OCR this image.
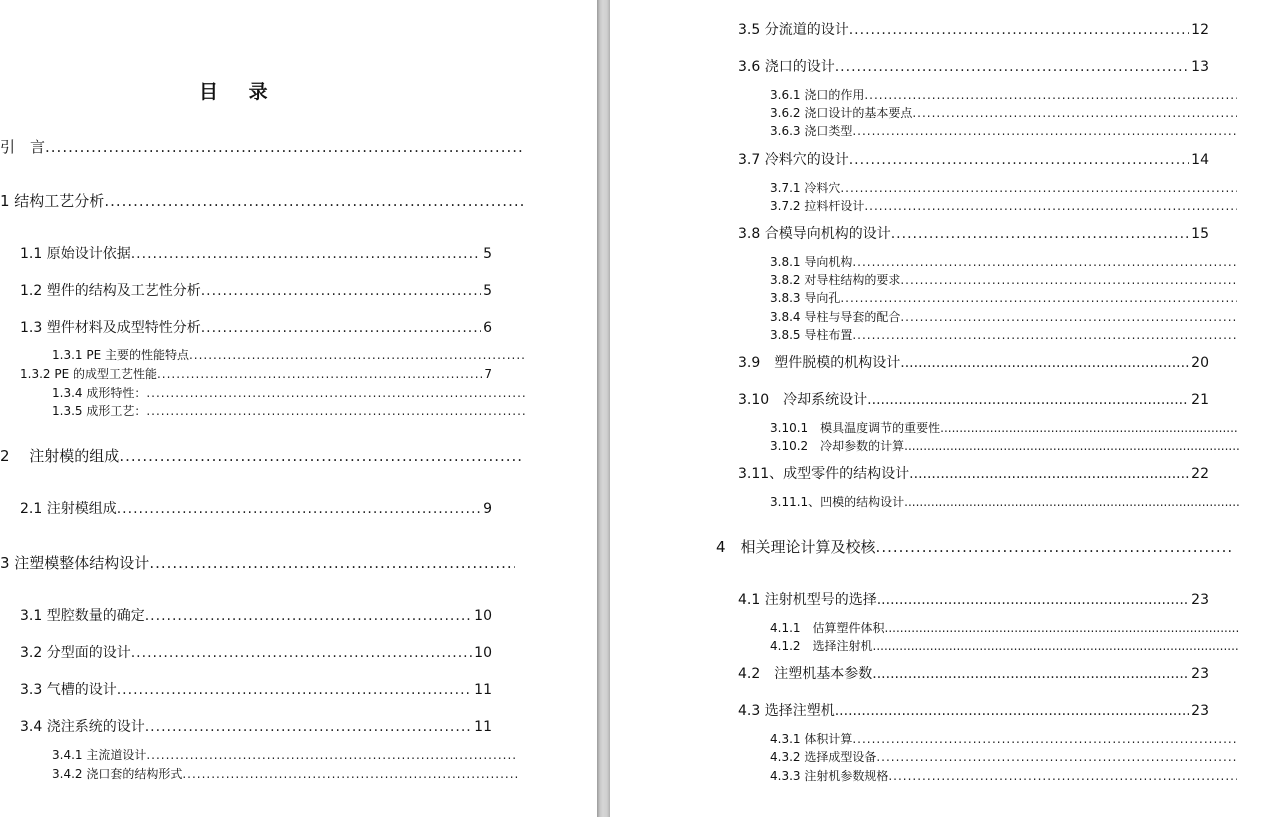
目 录
引　言
.....
1 结构工艺分析
.....
1.1 原始设计依据 .....	5
1.2 塑件的结构及工艺性分析 .....	5
1.3 塑件材料及成型特性分析 .....	6
1.3.1 PE 主要的性能特点
.....
1.3.2 PE 的成型工艺性能 .....	7
1.3.4 成形特性：
.....
1.3.5 成形工艺：
.....
2　 注射模的组成
.....
2.1 注射模组成 .....	9
3 注塑模整体结构设计
.....
3.1 型腔数量的确定 .....	10
3.2 分型面的设计 .....	10
3.3 气槽的设计 .....	11
3.4 浇注系统的设计 .....	11
3.4.1 主流道设计
.....
3.4.2 浇口套的结构形式
.....
3.5 分流道的设计 .....	12
3.6 浇口的设计 .....	13
3.6.1 浇口的作用
.....
3.6.2 浇口设计的基本要点
.....
3.6.3 浇口类型
.....
3.7 冷料穴的设计 .....	14
3.7.1 冷料穴
.....
3.7.2 拉料杆设计
.....
3.8 合模导向机构的设计 .....	15
3.8.1 导向机构
.....
3.8.2 对导柱结构的要求
.....
3.8.3 导向孔
.....
3.8.4 导柱与导套的配合
.....
3.8.5 导柱布置
.....
3.9　塑件脱模的机构设计 .....	20
3.10　冷却系统设计 .....	21
3.10.1　模具温度调节的重要性
.....
3.10.2　冷却参数的计算
.....
3.11、成型零件的结构设计 .....	22
3.11.1、凹模的结构设计
.....
4　相关理论计算及校核
.....
4.1 注射机型号的选择 .....	23
4.1.1　估算塑件体积
.....
4.1.2　选择注射机
.....
4.2　注塑机基本参数 .....	23
4.3 选择注塑机 .....	23
4.3.1 体积计算
.....
4.3.2 选择成型设备
.....
4.3.3 注射机参数规格
.....
